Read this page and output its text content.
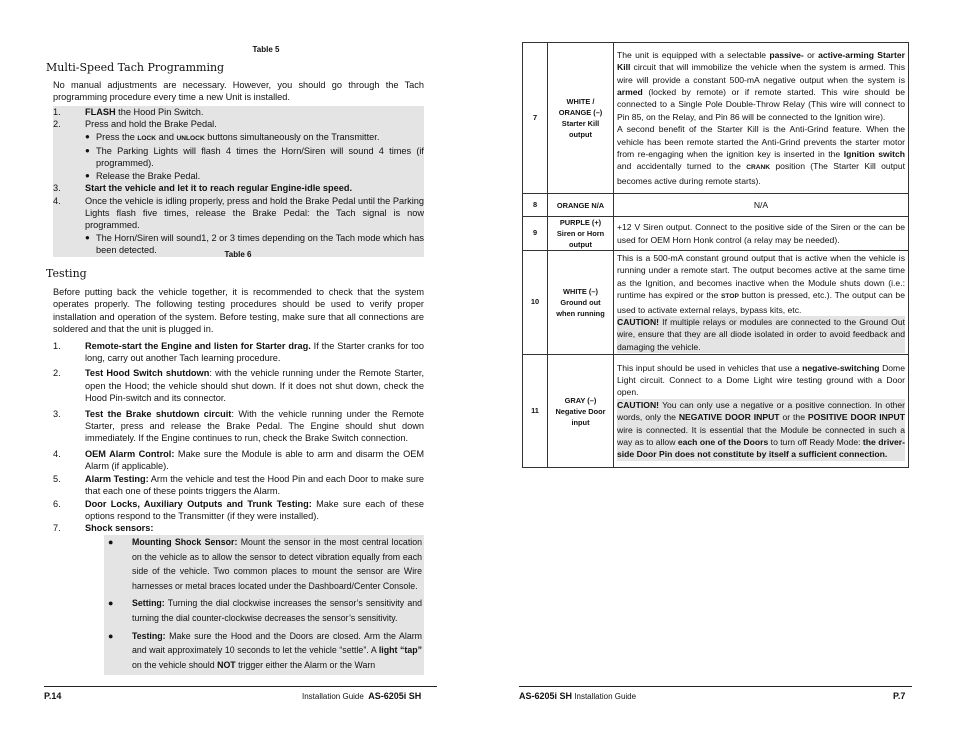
Table 5
Multi-Speed Tach Programming
No manual adjustments are necessary. However, you should go through the Tach programming procedure every time a new Unit is installed.
1.	FLASH the Hood Pin Switch.
2.	Press and hold the Brake Pedal.
● Press the LOCK and UNLOCK buttons simultaneously on the Transmitter.
● The Parking Lights will flash 4 times the Horn/Siren will sound 4 times (if programmed).
● Release the Brake Pedal.
3.	Start the vehicle and let it to reach regular Engine-idle speed.
4.	Once the vehicle is idling properly, press and hold the Brake Pedal until the Parking Lights flash five times, release the Brake Pedal: the Tach signal is now programmed.
● The Horn/Siren will sound1, 2 or 3 times depending on the Tach mode which has been detected.	Table 6
Testing
Before putting back the vehicle together, it is recommended to check that the system operates properly. The following testing procedures should be used to verify proper installation and operation of the system. Before testing, make sure that all connections are soldered and that the unit is plugged in.
1.	Remote-start the Engine and listen for Starter drag. If the Starter cranks for too long, carry out another Tach learning procedure.
2.	Test Hood Switch shutdown: with the vehicle running under the Remote Starter, open the Hood; the vehicle should shut down. If it does not shut down, check the Hood Pin-switch and its connector.
3.	Test the Brake shutdown circuit: With the vehicle running under the Remote Starter, press and release the Brake Pedal. The Engine should shut down immediately. If the Engine continues to run, check the Brake Switch connection.
4.	OEM Alarm Control: Make sure the Module is able to arm and disarm the OEM Alarm (if applicable).
5.	Alarm Testing: Arm the vehicle and test the Hood Pin and each Door to make sure that each one of these points triggers the Alarm.
6.	Door Locks, Auxiliary Outputs and Trunk Testing: Make sure each of these options respond to the Transmitter (if they were installed).
7.	Shock sensors:
●	Mounting Shock Sensor: Mount the sensor in the most central location on the vehicle as to allow the sensor to detect vibration equally from each side of the vehicle. Two common places to mount the sensor are Wire harnesses or metal braces located under the Dashboard/Center Console.
●	Setting: Turning the dial clockwise increases the sensor’s sensitivity and turning the dial counter-clockwise decreases the sensor’s sensitivity.
●	Testing: Make sure the Hood and the Doors are closed. Arm the Alarm and wait approximately 10 seconds to let the vehicle “settle”. A light “tap” on the vehicle should NOT trigger either the Alarm or the Warn
P.14	Installation Guide AS-6205i SH
7	WHITE / ORANGE (–) Starter Kill output	The unit is equipped with a selectable passive- or active-arming Starter Kill circuit that will immobilize the vehicle when the system is armed. This wire will provide a constant 500-mA negative output when the system is armed (locked by remote) or if remote started. This wire should be connected to a Single Pole Double-Throw Relay (This wire will connect to Pin 85, on the Relay, and Pin 86 will be connected to the Ignition wire).
A second benefit of the Starter Kill is the Anti-Grind feature. When the vehicle has been remote started the Anti-Grind prevents the starter motor from re-engaging when the ignition key is inserted in the Ignition switch and accidentally turned to the CRANK position (The Starter Kill output becomes active during remote starts).

8	ORANGE N/A	N/A
9	PURPLE (+) Siren or Horn output	+12 V Siren output. Connect to the positive side of the Siren or the can be used for OEM Horn Honk control (a relay may be needed).
10	WHITE (–) Ground out when running	This is a 500-mA constant ground output that is active when the vehicle is running under a remote start. The output becomes active at the same time as the Ignition, and becomes inactive when the Module shuts down (i.e.: runtime has expired or the STOP button is pressed, etc.). The output can be used to activate external relays, bypass kits, etc.
CAUTION! If multiple relays or modules are connected to the Ground Out wire, ensure that they are all diode isolated in order to avoid feedback and damaging the vehicle.

11	GRAY (–) Negative Door input	This input should be used in vehicles that use a negative-switching Dome Light circuit. Connect to a Dome Light wire testing ground with a Door open.
CAUTION! You can only use a negative or a positive connection. In other words, only the NEGATIVE DOOR INPUT or the POSITIVE DOOR INPUT wire is connected. It is essential that the Module be connected in such a way as to allow each one of the Doors to turn off Ready Mode: the driver-side Door Pin does not constitute by itself a sufficient connection.
AS-6205i SH Installation Guide	P.7
